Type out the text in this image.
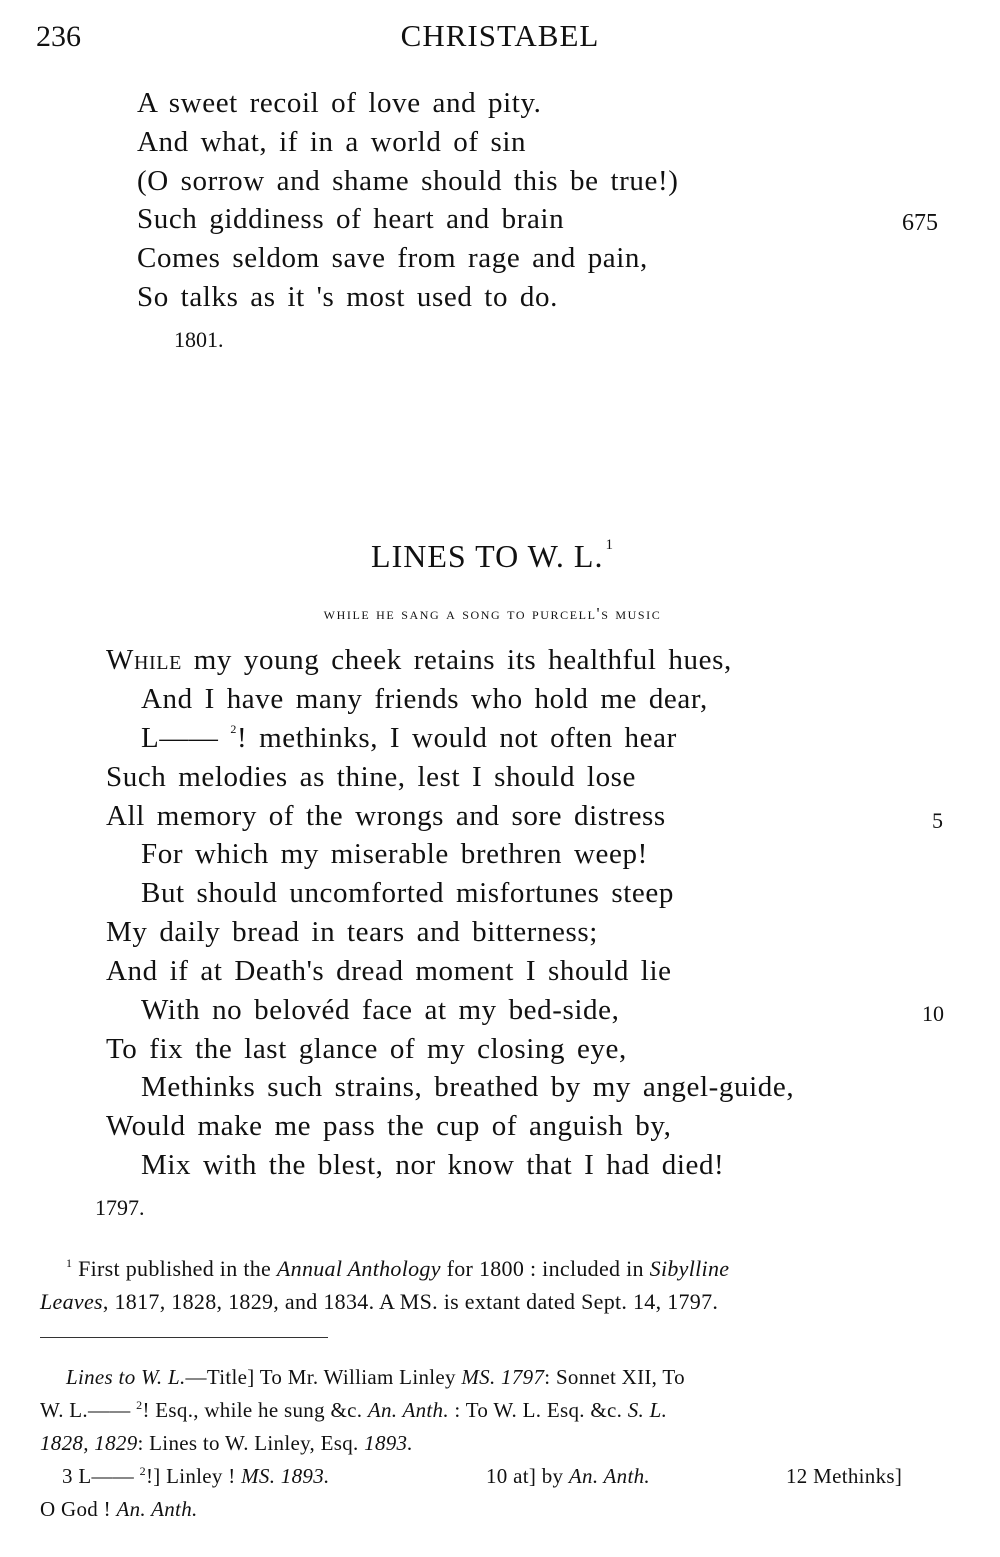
236	CHRISTABEL
A sweet recoil of love and pity.
And what, if in a world of sin
(O sorrow and shame should this be true!)
Such giddiness of heart and brain	675
Comes seldom save from rage and pain,
So talks as it 's most used to do.
1801.
LINES TO W. L. $^1$
while he sang a song to purcell's music
While my young cheek retains its healthful hues,
And I have many friends who hold me dear,
L—— $^2$! methinks, I would not often hear
Such melodies as thine, lest I should lose
All memory of the wrongs and sore distress	5
For which my miserable brethren weep!
But should uncomforted misfortunes steep
My daily bread in tears and bitterness;
And if at Death's dread moment I should lie
With no belovéd face at my bed-side,	10
To fix the last glance of my closing eye,
Methinks such strains, breathed by my angel-guide,
Would make me pass the cup of anguish by,
Mix with the blest, nor know that I had died!
1797.
$^1$ First published in the Annual Anthology for 1800 : included in Sibylline
Leaves, 1817, 1828, 1829, and 1834. A MS. is extant dated Sept. 14, 1797.
Lines to W. L.—Title] To Mr. William Linley MS. 1797: Sonnet XII, To
W. L.—— $^2$! Esq., while he sung &c. An. Anth. : To W. L. Esq. &c. S. L.
1828, 1829: Lines to W. Linley, Esq. 1893.
3 L—— $^2$!] Linley ! MS. 1893.	10 at] by An. Anth.	12 Methinks]
O God ! An. Anth.
